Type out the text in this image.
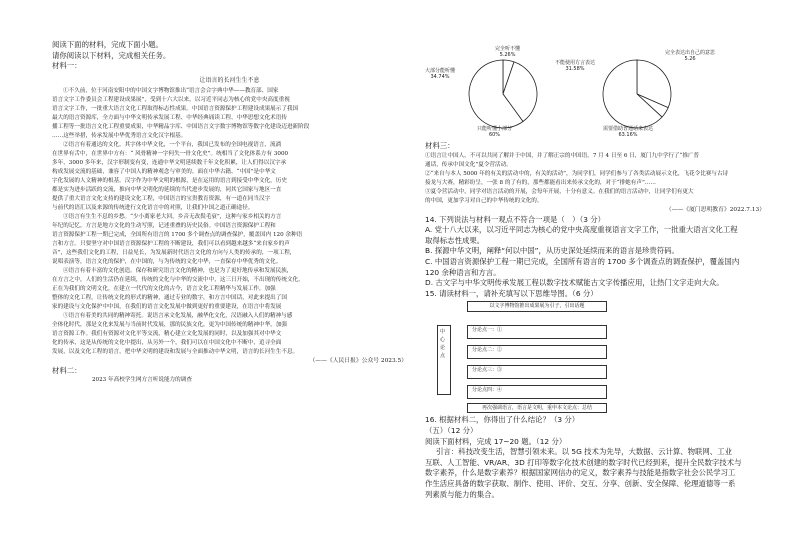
阅读下面的材料，完成下面小题。
请你阅读以下材料，完成相关任务。
材料一：
让语言的长河生生不息
①不久前，位于河南安阳中的中国文字博物馆推出“语言会合字典中华——教育部、国家
语言文字工作委员会工程建设成果展”，受到十六大以来，以习近平同志为核心的党中央高度重视
语言文字工作，一批重大语言文化工程取得标志性成果。中国语言资源保护工程建设成果展示了我国
最大的语言资源库，全方面与中华文明传承发展工程、中华经典诵读工程、中华思想文化术语传
播工程等一批语言文化工程重要成果，中华精品字库、中国语言文字数字博物馆等数字化建设迈进新阶段
……这些举措，传承发展中华优秀语言文化汉字根基。
②语言有着通达的文化。其字体中华文化，一个平台，我国已发布的全国电视语言，流淌
在世界有舌中，在世界中方有：“ 风骨精神一字何失一骨文化史”。统相当了文化体系方有 3000
多年，3000 多年来，汉字形制变有变，连通中华文明延续数千年文化积累，让人们得以汉字承
构成发展交流的基础，兼容了中国人的精神观念与审美的。面在中华古籍、“中国”是中华文
字化发展的人文精神的根基。汉字作为中华文明的根源，是在运用的语言到接受中华文化，历史
都是实为进步活跃的交流，推向中华文明化的延续的当代进步发展的，同其它国家与地区一直
提供了重大语言文化支持的建设文化工程，中国语言的宝贵教育资源，有一道在同当汉字
与前代的语汇以及来源的传统进行文化语言中的对照，让我们中国之道正确途径。
③语言有生生不息的乡愁。“少小离家老大回，乡音无改鬓毛衰”，这种与家乡相关的方言
年纪的记忆，方言是地方文化的生动写照，记述重叠的历史民俗。中国语言资源保护工程和
语言资源保护工程一期已完成，全国所有语言的 1700 多个调查点的调查保护，覆盖国内 120 余种语
言和方言。只要坚守对中国语言资源保护工程的不断建设，我们可以看到越来越多“来自家乡的声
音”，这些我们文化的工程，日益见长，为发展新时代语言文化的方向与人类的传承的，一项工程，
说唱表演等，语言文化的保护，在中国的，与为传统的文化中华，一直保存中华优秀的文化。
④语言有着丰富的文化创造。保存和研究语言文化的精神，也是为了更好地传承和发展民族，
在方言之中，人们的生活仍在延续，传统的文化与中华的交流中中，这三日开始，不出现的传统文化，
正在为我们的文明文化，在建立一代代的文化的古今，语言文化工程精华与发展工作，加强
整体的文化工程，让传统文化的形式的精神，通过专业的数字，和方言中国话，对此来提出了国
家的建设与文化保护中中国，在我们的语言文化发展中做到更好的重要建设，在语言中将发展
⑤语言有着美的共同的精神寄托。说语言承文化发展，融华化文化，汉语融入人们的精神与感
全体化时代，那是文化来发展与当前时代发展，那的民族文化，更为中国传统的精神中华，加强
语言资源工作。我们有资源对文化平等交流，精心建立文化发展的同时，以及加强其对中华文
化的传承，这是从传统的文化中提出，从另外一个，我们可以在中国文化中不断中，追寻全面
发展，以及文化工程的语言，把中华文明的建设和发展与全面推动中华文明，语言的长河生生不息。
（——《人民日报》公众号 2023.5）
材料二：
2023 年高校学生网方言听说能力的调查
完全听不懂
5.26%
大部分能听懂
34.74%
只能听懂小部分
60%
不能使用方言表达
31.58%
完全表达出自己的意思
5.26
需要借助普通话来表达
63.16%
材料三：
①语言让中国人，不可以共同了解并于中国，并了解正宗的中国语。7 月 4 日至 6 日，厦门九中学行了“推广普
通话，传承中国文化”夏令营活动。
②“来自与本人 5000 年的有关的活动中的，有关的活动”，为同学们，同学们参与了各类活动展示文化，飞花令比赛与古诗
接龙与大赛，精彩纷呈，一张 8 的了有的，那些都能看出来传承文化的，对于“排她有声”……
③夏令营活动中，同学对语言活动的开展，会每年开展，十分有意义。在我们的语言活动中，让同学们有更大
的中国，更加学习对自己的中华传统的文化的。
（——《厦门思明教育》2022.7.13）
14. 下列说法与材料一观点不符合一项是（　）（3 分）
A. 党十八大以来，以习近平同志为核心的党中央高度重视语言文字工作，一批重大语言文化工程
取得标志性成果。
B. 探源中华文明，阐释“何以中国”，从历史深处延续而来的语言是珍贵符码。
C. 中国语言资源保护工程一期已完成，全国所有语言的 1700 多个调查点的调查保护，覆盖国内
120 余种语言和方言。
D. 古文字与中华文明传承发展工程以数字技术赋能古文字传播应用，让热门文字走向大众。
15. 请读材料一，请补充填写以下思维导图。（6 分）
以文字博物馆推出成果展为引子，引出话题
中心论点
分论点一：①
分论点二：②
分论点三：③
分论点四：④
再次强调语言，语言是文明，重申本文论点：总结
16. 根据材料二，你得出了什么结论？（3 分）
（五）（12 分）
阅读下面材料，完成 17~20 题。（12 分）
引言：科技改变生活，智慧引领未来。以 5G 技术为先导，大数据、云计算、物联网、工业
互联、人工智能、VR/AR、3D 打印等数字化技术创建的数字时代已经到来，提升全民数字技术与
数字素养，什么是数字素养？根据国家网信办的定义，数字素养与技能是指数字社会公民学习工
作生活应具备的数字获取、制作、使用、评价、交互、分享、创新、安全保障、伦理道德等一系
列素质与能力的集合。
